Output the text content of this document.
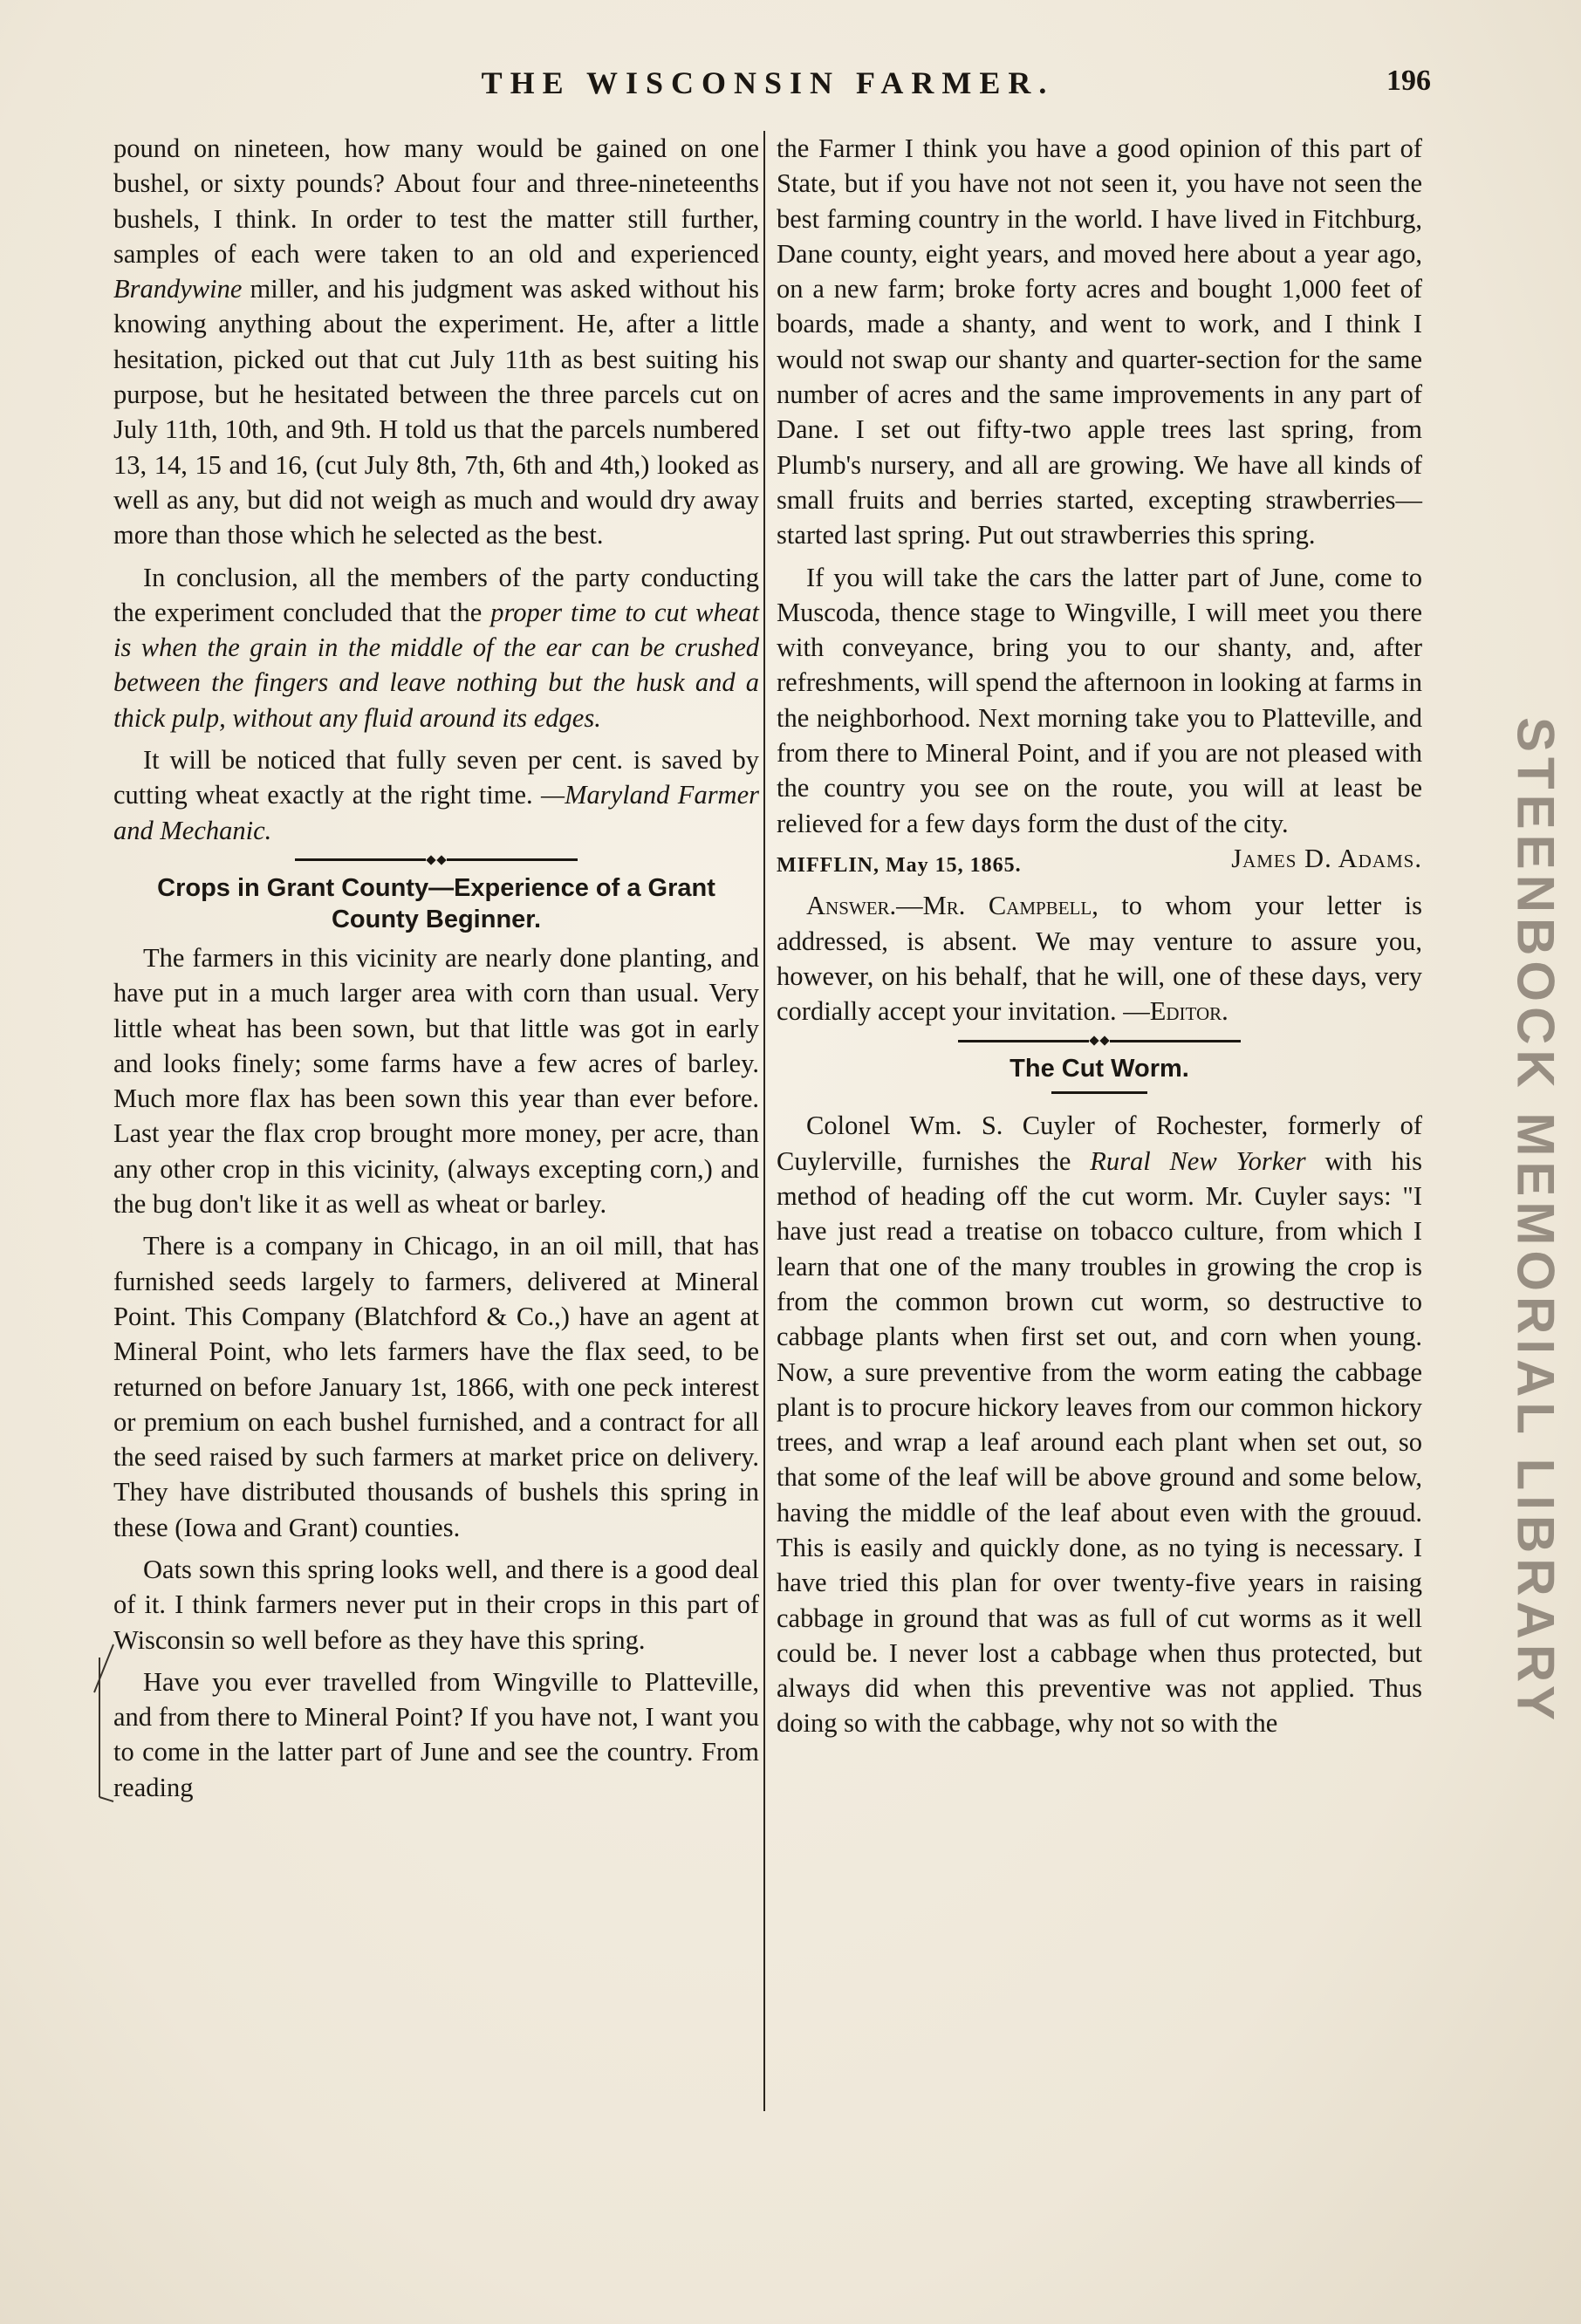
THE WISCONSIN FARMER.	196

pound on nineteen, how many would be gained on one bushel, or sixty pounds? About four and three-nineteenths bushels, I think. In order to test the matter still further, samples of each were taken to an old and experienced Brandywine miller, and his judgment was asked without his knowing anything about the experiment. He, after a little hesitation, picked out that cut July 11th as best suiting his purpose, but he hesitated between the three parcels cut on July 11th, 10th, and 9th. H told us that the parcels numbered 13, 14, 15 and 16, (cut July 8th, 7th, 6th and 4th,) looked as well as any, but did not weigh as much and would dry away more than those which he selected as the best.

In conclusion, all the members of the party conducting the experiment concluded that the proper time to cut wheat is when the grain in the middle of the ear can be crushed between the fingers and leave nothing but the husk and a thick pulp, without any fluid around its edges.

It will be noticed that fully seven per cent. is saved by cutting wheat exactly at the right time. —Maryland Farmer and Mechanic.

Crops in Grant County—Experience of a Grant County Beginner.

The farmers in this vicinity are nearly done planting, and have put in a much larger area with corn than usual. Very little wheat has been sown, but that little was got in early and looks finely; some farms have a few acres of barley. Much more flax has been sown this year than ever before. Last year the flax crop brought more money, per acre, than any other crop in this vicinity, (always excepting corn,) and the bug don't like it as well as wheat or barley.

There is a company in Chicago, in an oil mill, that has furnished seeds largely to farmers, delivered at Mineral Point. This Company (Blatchford & Co.,) have an agent at Mineral Point, who lets farmers have the flax seed, to be returned on before January 1st, 1866, with one peck interest or premium on each bushel furnished, and a contract for all the seed raised by such farmers at market price on delivery. They have distributed thousands of bushels this spring in these (Iowa and Grant) counties.

Oats sown this spring looks well, and there is a good deal of it. I think farmers never put in their crops in this part of Wisconsin so well before as they have this spring.

Have you ever travelled from Wingville to Platteville, and from there to Mineral Point? If you have not, I want you to come in the latter part of June and see the country. From reading

the Farmer I think you have a good opinion of this part of State, but if you have not not seen it, you have not seen the best farming country in the world. I have lived in Fitchburg, Dane county, eight years, and moved here about a year ago, on a new farm; broke forty acres and bought 1,000 feet of boards, made a shanty, and went to work, and I think I would not swap our shanty and quarter-section for the same number of acres and the same improvements in any part of Dane. I set out fifty-two apple trees last spring, from Plumb's nursery, and all are growing. We have all kinds of small fruits and berries started, excepting strawberries—started last spring. Put out strawberries this spring.

If you will take the cars the latter part of June, come to Muscoda, thence stage to Wingville, I will meet you there with conveyance, bring you to our shanty, and, after refreshments, will spend the afternoon in looking at farms in the neighborhood. Next morning take you to Platteville, and from there to Mineral Point, and if you are not pleased with the country you see on the route, you will at least be relieved for a few days form the dust of the city.
James D. Adams.

MIFFLIN, May 15, 1865.

Answer.—Mr. Campbell, to whom your letter is addressed, is absent. We may venture to assure you, however, on his behalf, that he will, one of these days, very cordially accept your invitation. —Editor.

The Cut Worm.

Colonel Wm. S. Cuyler of Rochester, formerly of Cuylerville, furnishes the Rural New Yorker with his method of heading off the cut worm. Mr. Cuyler says: "I have just read a treatise on tobacco culture, from which I learn that one of the many troubles in growing the crop is from the common brown cut worm, so destructive to cabbage plants when first set out, and corn when young. Now, a sure preventive from the worm eating the cabbage plant is to procure hickory leaves from our common hickory trees, and wrap a leaf around each plant when set out, so that some of the leaf will be above ground and some below, having the middle of the leaf about even with the grouud. This is easily and quickly done, as no tying is necessary. I have tried this plan for over twenty-five years in raising cabbage in ground that was as full of cut worms as it well could be. I never lost a cabbage when thus protected, but always did when this preventive was not applied. Thus doing so with the cabbage, why not so with the	STEENBOCK MEMORIAL LIBRARY
